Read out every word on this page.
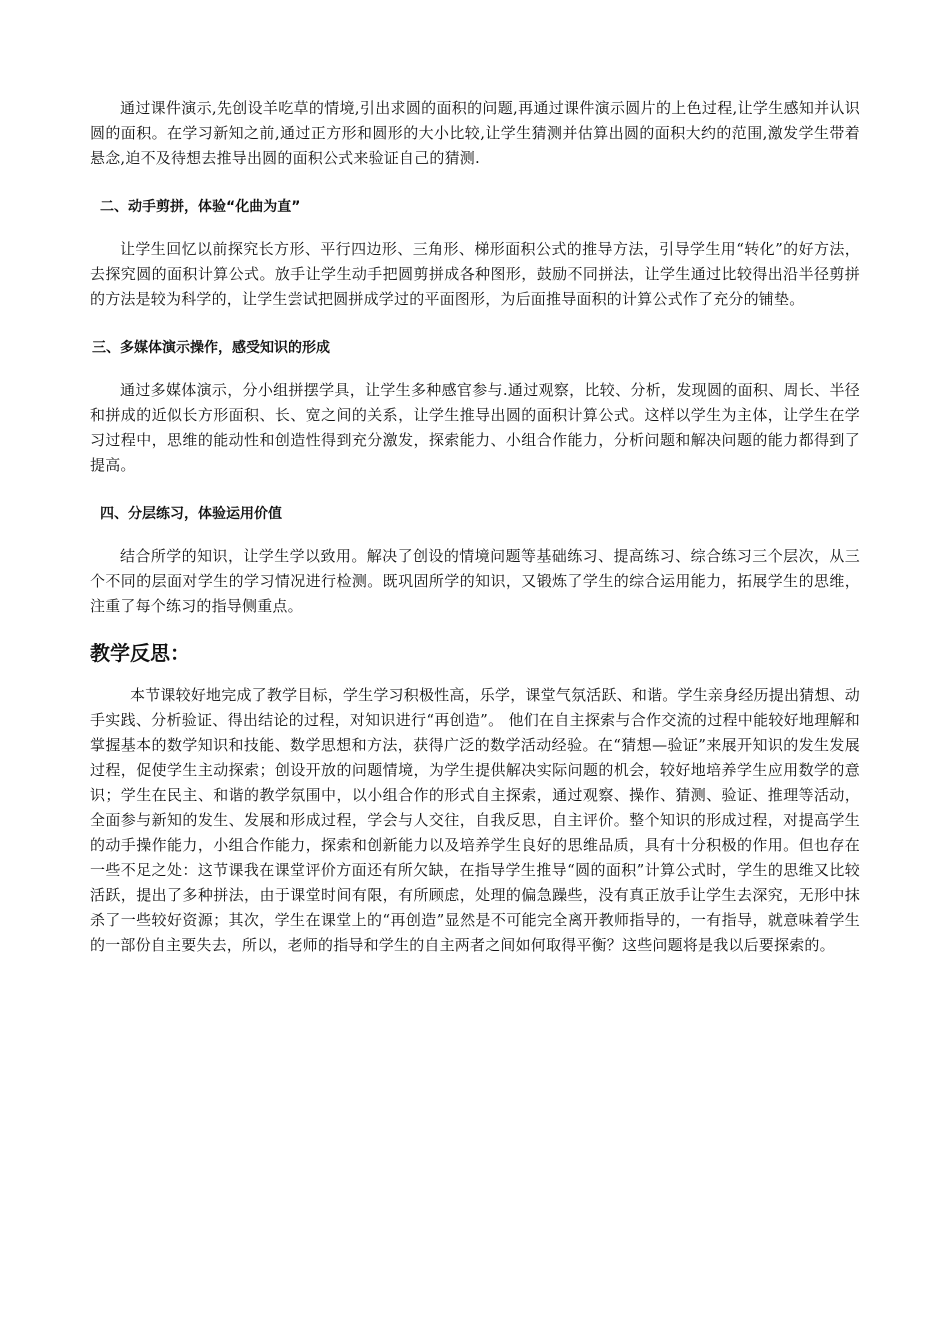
通过课件演示,先创设羊吃草的情境,引出求圆的面积的问题,再通过课件演示圆片的上色过程,让学生感知并认识圆的面积。在学习新知之前,通过正方形和圆形的大小比较,让学生猜测并估算出圆的面积大约的范围,激发学生带着悬念,迫不及待想去推导出圆的面积公式来验证自己的猜测.

二、动手剪拼，体验“化曲为直”

让学生回忆以前探究长方形、平行四边形、三角形、梯形面积公式的推导方法，引导学生用“转化”的好方法，去探究圆的面积计算公式。放手让学生动手把圆剪拼成各种图形，鼓励不同拼法，让学生通过比较得出沿半径剪拼的方法是较为科学的，让学生尝试把圆拼成学过的平面图形，为后面推导面积的计算公式作了充分的铺垫。

三、多媒体演示操作，感受知识的形成

通过多媒体演示，分小组拼摆学具，让学生多种感官参与.通过观察，比较、分析，发现圆的面积、周长、半径和拼成的近似长方形面积、长、宽之间的关系，让学生推导出圆的面积计算公式。这样以学生为主体，让学生在学习过程中，思维的能动性和创造性得到充分激发，探索能力、小组合作能力，分析问题和解决问题的能力都得到了提高。

四、分层练习，体验运用价值

结合所学的知识，让学生学以致用。解决了创设的情境问题等基础练习、提高练习、综合练习三个层次，从三个不同的层面对学生的学习情况进行检测。既巩固所学的知识，又锻炼了学生的综合运用能力，拓展学生的思维，注重了每个练习的指导侧重点。

教学反思：

本节课较好地完成了教学目标，学生学习积极性高，乐学，课堂气氛活跃、和谐。学生亲身经历提出猜想、动手实践、分析验证、得出结论的过程，对知识进行“再创造”。 他们在自主探索与合作交流的过程中能较好地理解和掌握基本的数学知识和技能、数学思想和方法，获得广泛的数学活动经验。在“猜想—验证”来展开知识的发生发展过程，促使学生主动探索；创设开放的问题情境，为学生提供解决实际问题的机会，较好地培养学生应用数学的意识；学生在民主、和谐的教学氛围中，以小组合作的形式自主探索，通过观察、操作、猜测、验证、推理等活动，全面参与新知的发生、发展和形成过程，学会与人交往，自我反思，自主评价。整个知识的形成过程，对提高学生的动手操作能力，小组合作能力，探索和创新能力以及培养学生良好的思维品质，具有十分积极的作用。但也存在一些不足之处：这节课我在课堂评价方面还有所欠缺，在指导学生推导“圆的面积”计算公式时，学生的思维又比较活跃，提出了多种拼法，由于课堂时间有限，有所顾虑，处理的偏急躁些，没有真正放手让学生去深究，无形中抹杀了一些较好资源；其次，学生在课堂上的“再创造”显然是不可能完全离开教师指导的，一有指导，就意味着学生的一部份自主要失去，所以，老师的指导和学生的自主两者之间如何取得平衡？这些问题将是我以后要探索的。
